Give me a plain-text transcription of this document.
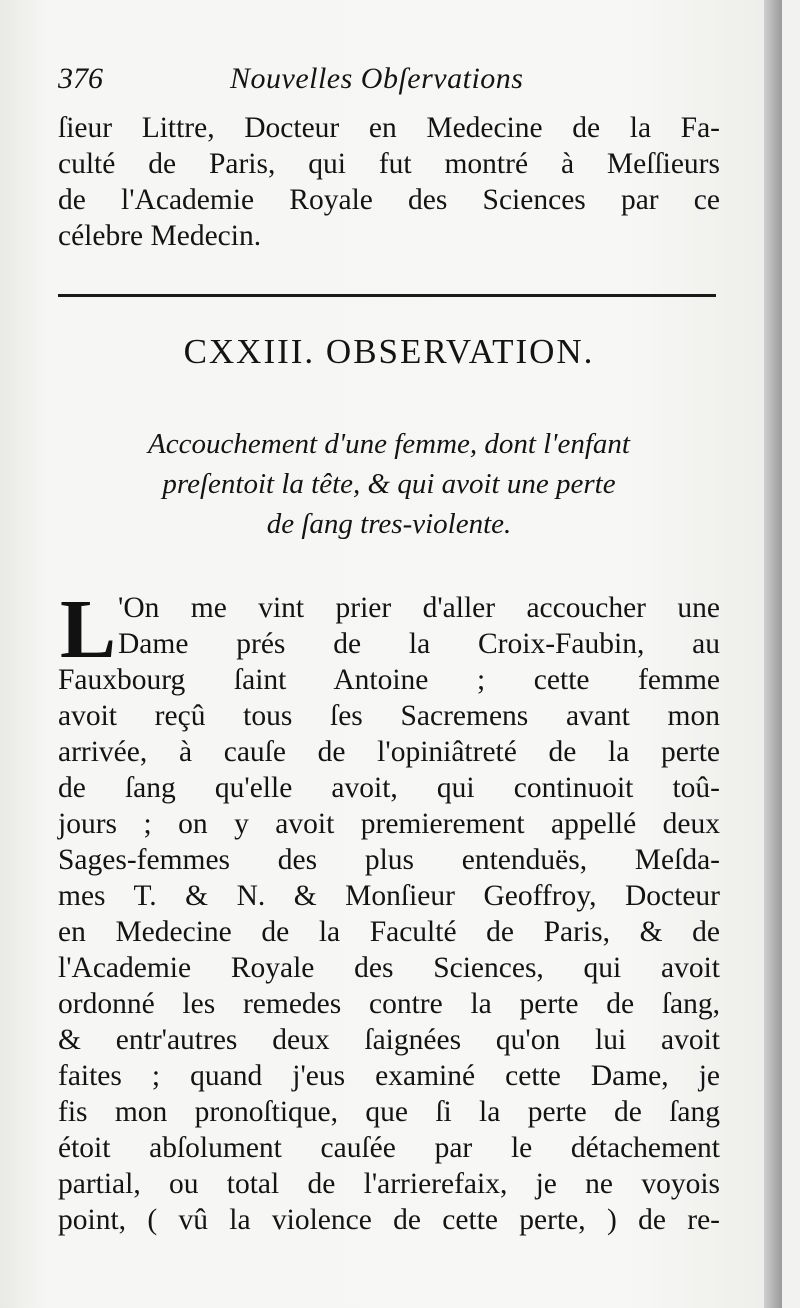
376	Nouvelles Obſervations

ſieur Littre, Docteur en Medecine de la Fa-

culté de Paris, qui fut montré à Meſſieurs

de l'Academie Royale des Sciences par ce

célebre Medecin.

CXXIII. OBSERVATION.
Accouchement d'une femme, dont l'enfant
preſentoit la tête, & qui avoit une perte
de ſang tres-violente.
L 'On me vint prier d'aller accoucher une

Dame prés de la Croix-Faubin, au

Fauxbourg ſaint Antoine ; cette femme

avoit reçû tous ſes Sacremens avant mon

arrivée, à cauſe de l'opiniâtreté de la perte

de ſang qu'elle avoit, qui continuoit toû-

jours ; on y avoit premierement appellé deux

Sages-femmes des plus entenduës, Meſda-

mes T. & N. & Monſieur Geoffroy, Docteur

en Medecine de la Faculté de Paris, & de

l'Academie Royale des Sciences, qui avoit

ordonné les remedes contre la perte de ſang,

& entr'autres deux ſaignées qu'on lui avoit

faites ; quand j'eus examiné cette Dame, je

fis mon pronoſtique, que ſi la perte de ſang

étoit abſolument cauſée par le détachement

partial, ou total de l'arrierefaix, je ne voyois

point, ( vû la violence de cette perte, ) de re-
